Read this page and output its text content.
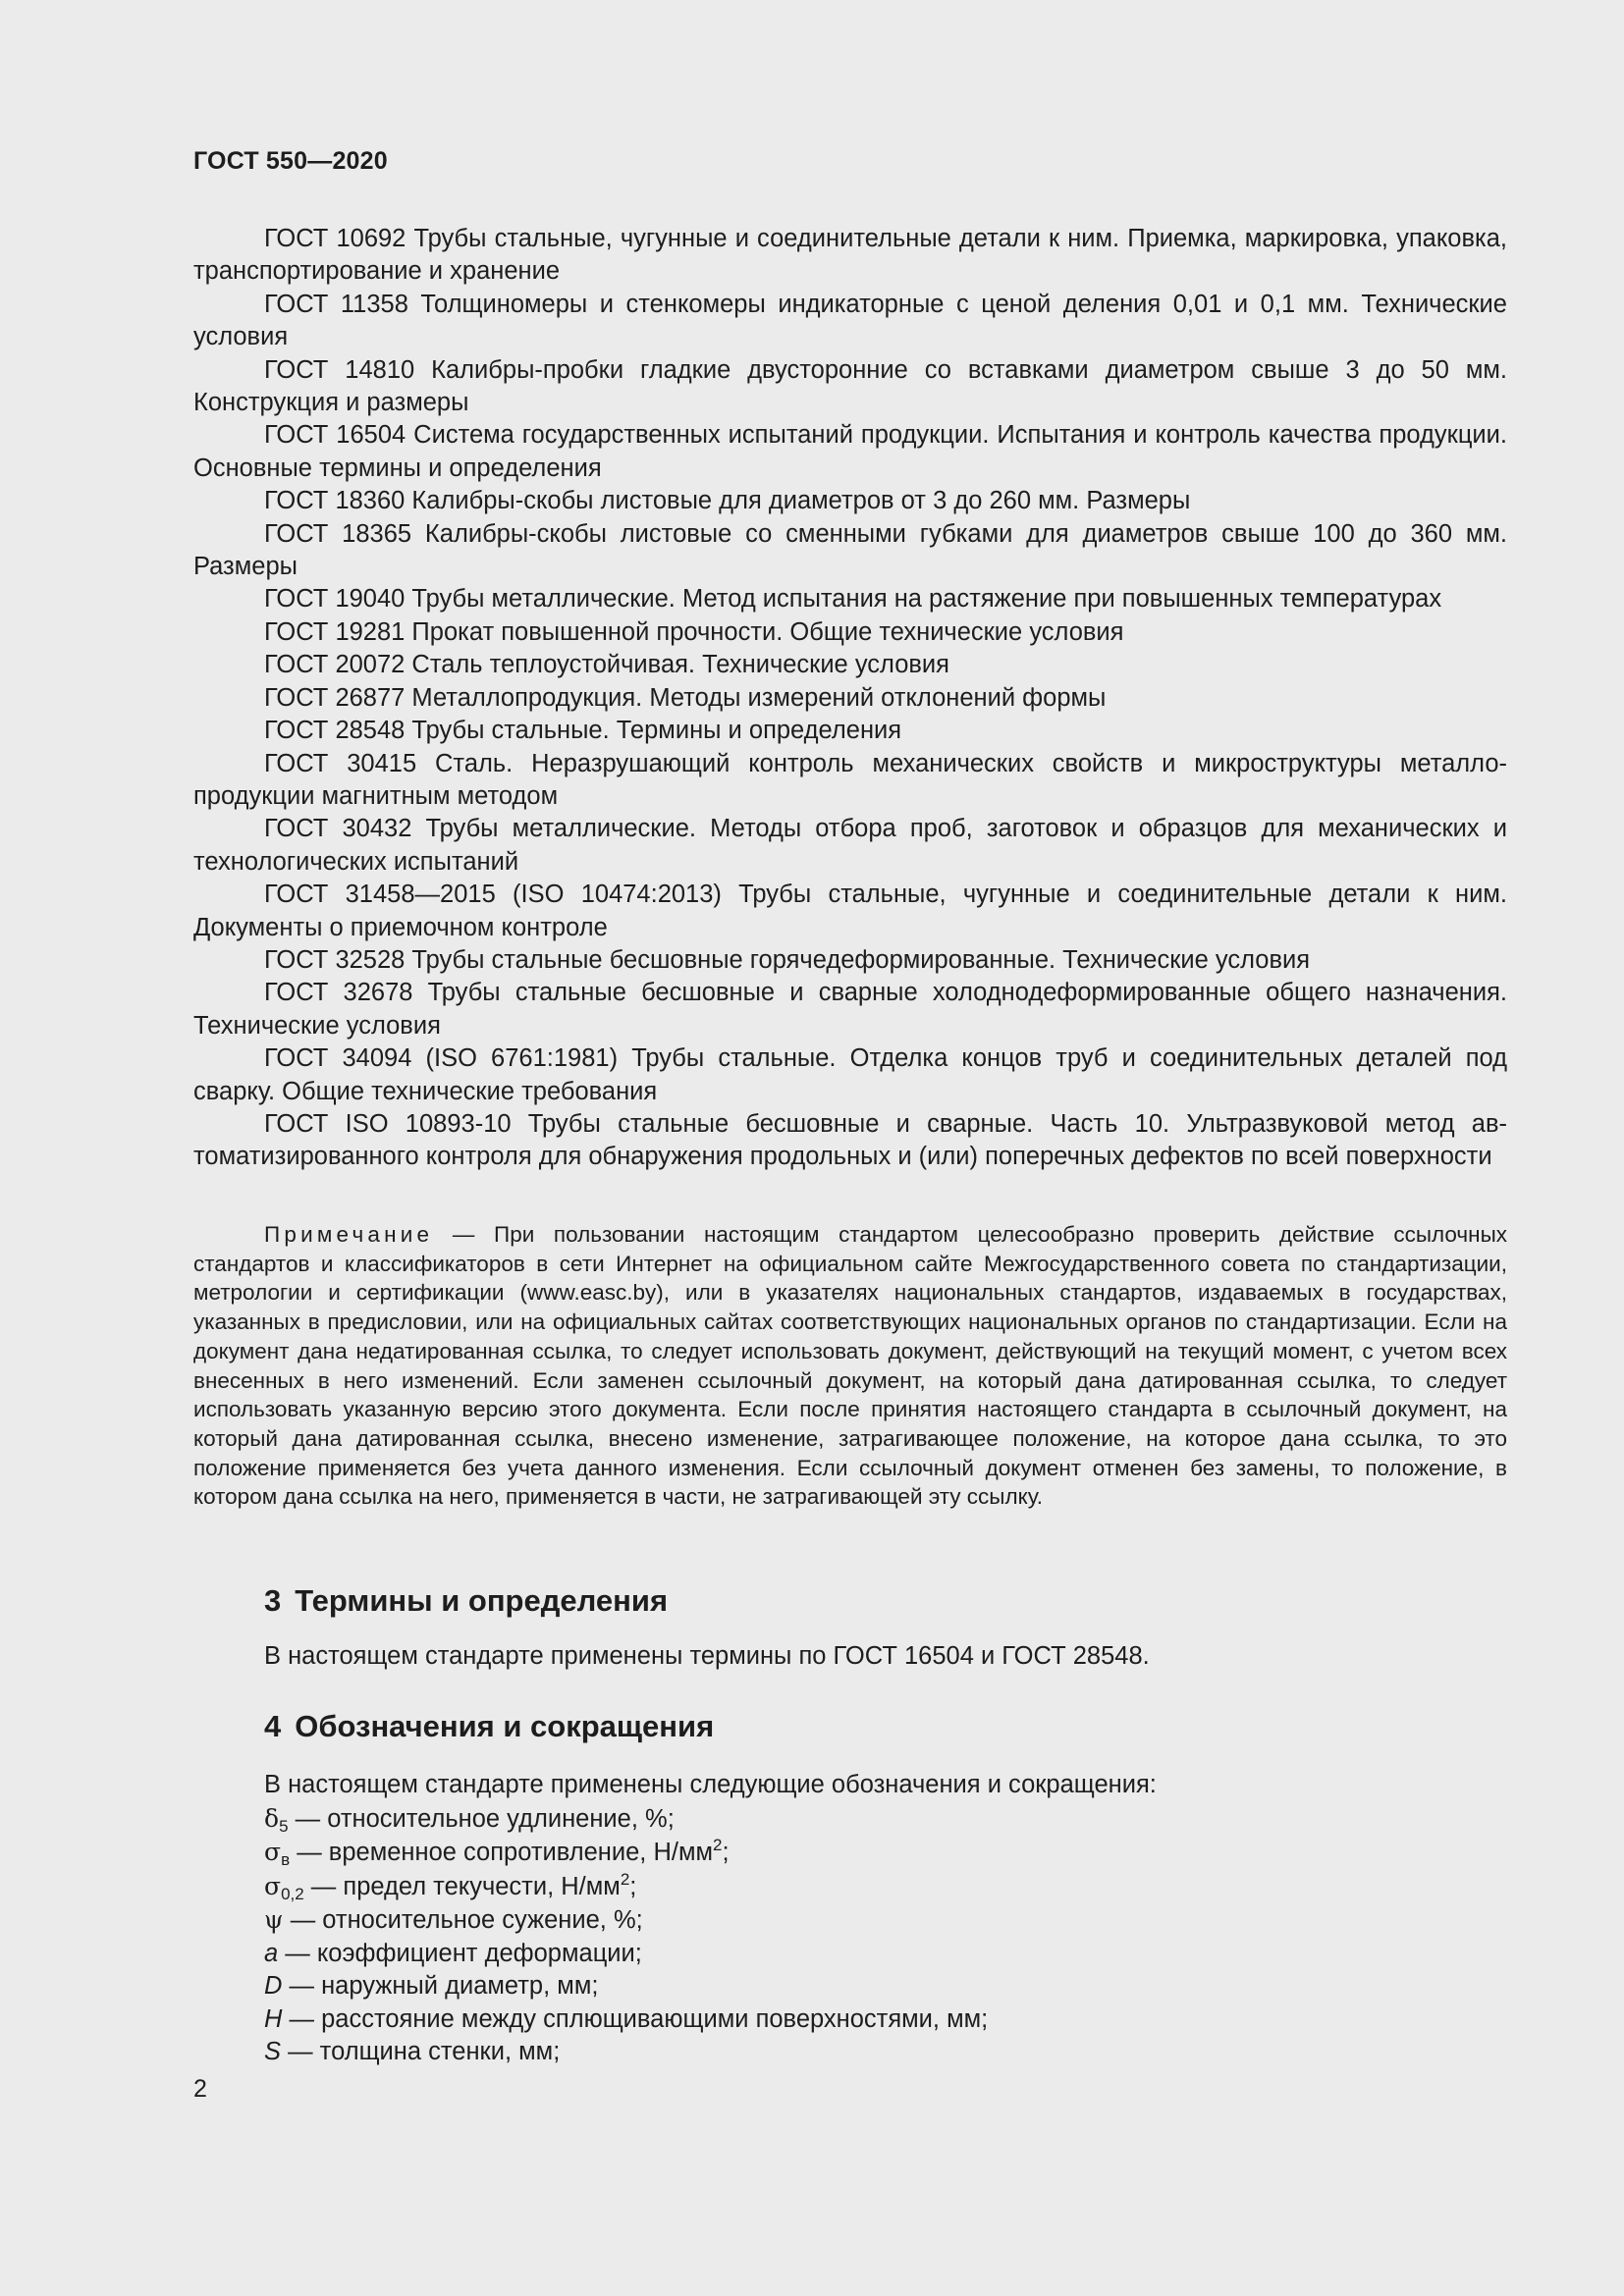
ГОСТ 550—2020

ГОСТ 10692 Трубы стальные, чугунные и соединительные детали к ним. Приемка, маркировка, упаковка, транспортирование и хранение

ГОСТ 11358 Толщиномеры и стенкомеры индикаторные с ценой деления 0,01 и 0,1 мм. Технические условия

ГОСТ 14810 Калибры-пробки гладкие двусторонние со вставками диаметром свыше 3 до 50 мм. Конструкция и размеры

ГОСТ 16504 Система государственных испытаний продукции. Испытания и контроль качества продукции. Основные термины и определения

ГОСТ 18360 Калибры-скобы листовые для диаметров от 3 до 260 мм. Размеры

ГОСТ 18365 Калибры-скобы листовые со сменными губками для диаметров свыше 100 до 360 мм. Размеры

ГОСТ 19040 Трубы металлические. Метод испытания на растяжение при повышенных температурах

ГОСТ 19281 Прокат повышенной прочности. Общие технические условия

ГОСТ 20072 Сталь теплоустойчивая. Технические условия

ГОСТ 26877 Металлопродукция. Методы измерений отклонений формы

ГОСТ 28548 Трубы стальные. Термины и определения

ГОСТ 30415 Сталь. Неразрушающий контроль механических свойств и микроструктуры металлопродукции магнитным методом

ГОСТ 30432 Трубы металлические. Методы отбора проб, заготовок и образцов для механических и технологических испытаний

ГОСТ 31458—2015 (ISO 10474:2013) Трубы стальные, чугунные и соединительные детали к ним. Документы о приемочном контроле

ГОСТ 32528 Трубы стальные бесшовные горячедеформированные. Технические условия

ГОСТ 32678 Трубы стальные бесшовные и сварные холоднодеформированные общего назначения. Технические условия

ГОСТ 34094 (ISO 6761:1981) Трубы стальные. Отделка концов труб и соединительных деталей под сварку. Общие технические требования

ГОСТ ISO 10893-10 Трубы стальные бесшовные и сварные. Часть 10. Ультразвуковой метод автоматизированного контроля для обнаружения продольных и (или) поперечных дефектов по всей поверхности

Примечание — При пользовании настоящим стандартом целесообразно проверить действие ссылочных стандартов и классификаторов в сети Интернет на официальном сайте Межгосударственного совета по стандартизации, метрологии и сертификации (www.easc.by), или в указателях национальных стандартов, издаваемых в государствах, указанных в предисловии, или на официальных сайтах соответствующих национальных органов по стандартизации. Если на документ дана недатированная ссылка, то следует использовать документ, действующий на текущий момент, с учетом всех внесенных в него изменений. Если заменен ссылочный документ, на который дана датированная ссылка, то следует использовать указанную версию этого документа. Если после принятия настоящего стандарта в ссылочный документ, на который дана датированная ссылка, внесено изменение, затрагивающее положение, на которое дана ссылка, то это положение применяется без учета данного изменения. Если ссылочный документ отменен без замены, то положение, в котором дана ссылка на него, применяется в части, не затрагивающей эту ссылку.

3 Термины и определения

В настоящем стандарте применены термины по ГОСТ 16504 и ГОСТ 28548.

4 Обозначения и сокращения

В настоящем стандарте применены следующие обозначения и сокращения:

$\delta_5$ — относительное удлинение, %;

$\sigma_в$ — временное сопротивление, $Н/мм^2$;

$\sigma_{0,2}$ — предел текучести, $Н/мм^2$;

ψ — относительное сужение, %;

a — коэффициент деформации;

D — наружный диаметр, мм;

H — расстояние между сплющивающими поверхностями, мм;

S — толщина стенки, мм;

2
